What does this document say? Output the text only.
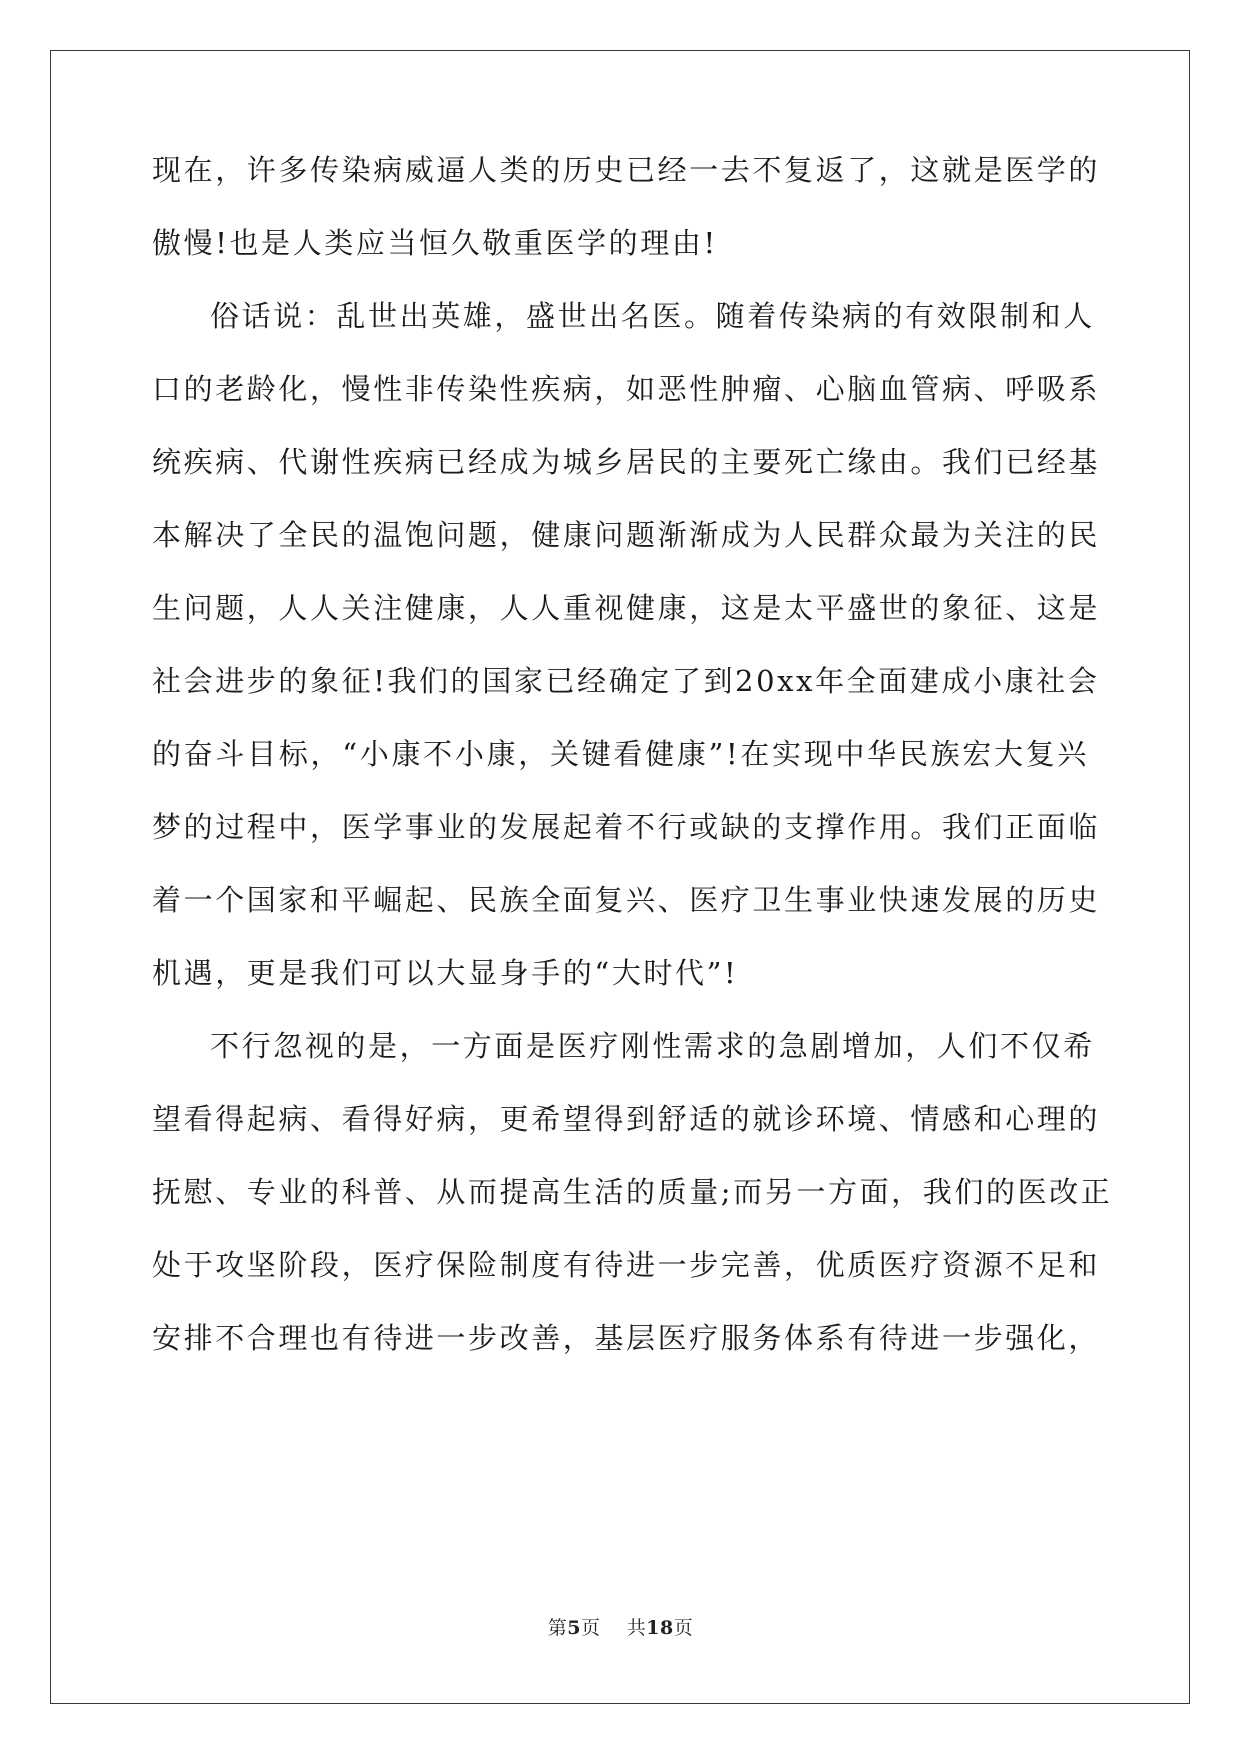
现在，许多传染病威逼人类的历史已经一去不复返了，这就是医学的
傲慢!也是人类应当恒久敬重医学的理由!
俗话说：乱世出英雄，盛世出名医。随着传染病的有效限制和人
口的老龄化，慢性非传染性疾病，如恶性肿瘤、心脑血管病、呼吸系
统疾病、代谢性疾病已经成为城乡居民的主要死亡缘由。我们已经基
本解决了全民的温饱问题，健康问题渐渐成为人民群众最为关注的民
生问题，人人关注健康，人人重视健康，这是太平盛世的象征、这是
社会进步的象征!我们的国家已经确定了到20xx年全面建成小康社会
的奋斗目标，“小康不小康，关键看健康”!在实现中华民族宏大复兴
梦的过程中，医学事业的发展起着不行或缺的支撑作用。我们正面临
着一个国家和平崛起、民族全面复兴、医疗卫生事业快速发展的历史
机遇，更是我们可以大显身手的“大时代”!
不行忽视的是，一方面是医疗刚性需求的急剧增加，人们不仅希
望看得起病、看得好病，更希望得到舒适的就诊环境、情感和心理的
抚慰、专业的科普、从而提高生活的质量;而另一方面，我们的医改正
处于攻坚阶段，医疗保险制度有待进一步完善，优质医疗资源不足和
安排不合理也有待进一步改善，基层医疗服务体系有待进一步强化，
第5页 共18页
